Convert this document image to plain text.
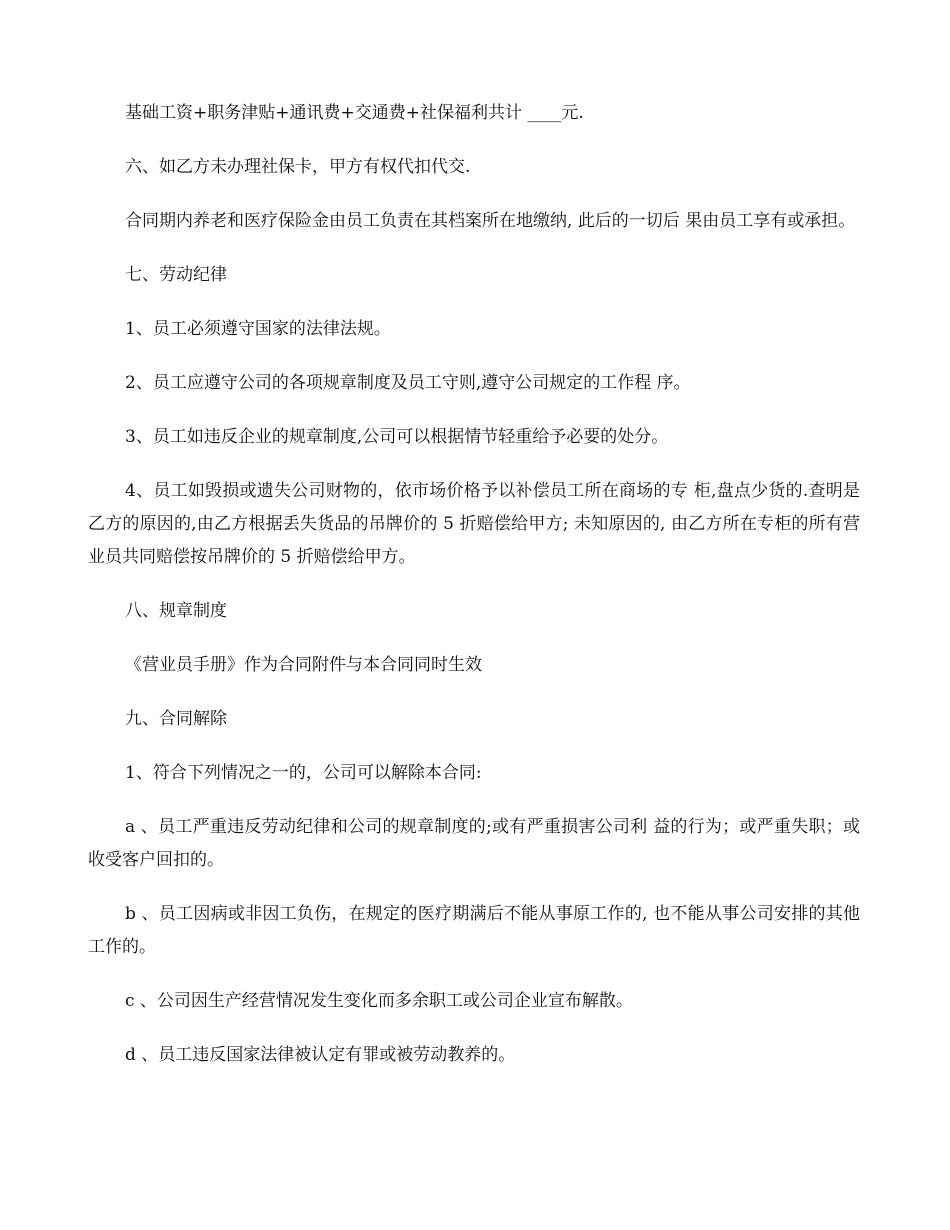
基础工资+职务津贴+通讯费+交通费+社保福利共计 ____元.

六、如乙方未办理社保卡，甲方有权代扣代交.

合同期内养老和医疗保险金由员工负责在其档案所在地缴纳, 此后的一切后 果由员工享有或承担。

七、劳动纪律

1、员工必须遵守国家的法律法规。

2、员工应遵守公司的各项规章制度及员工守则,遵守公司规定的工作程 序。

3、员工如违反企业的规章制度,公司可以根据情节轻重给予必要的处分。

4、员工如毁损或遗失公司财物的，依市场价格予以补偿员工所在商场的专 柜,盘点少货的.查明是乙方的原因的,由乙方根据丢失货品的吊牌价的 5 折赔偿给甲方; 未知原因的, 由乙方所在专柜的所有营业员共同赔偿按吊牌价的 5 折赔偿给甲方。

八、规章制度

《营业员手册》作为合同附件与本合同同时生效

九、合同解除

1、符合下列情况之一的，公司可以解除本合同:

a 、员工严重违反劳动纪律和公司的规章制度的;或有严重损害公司利 益的行为；或严重失职；或收受客户回扣的。

b 、员工因病或非因工负伤，在规定的医疗期满后不能从事原工作的, 也不能从事公司安排的其他工作的。

c 、公司因生产经营情况发生变化而多余职工或公司企业宣布解散。

d 、员工违反国家法律被认定有罪或被劳动教养的。
